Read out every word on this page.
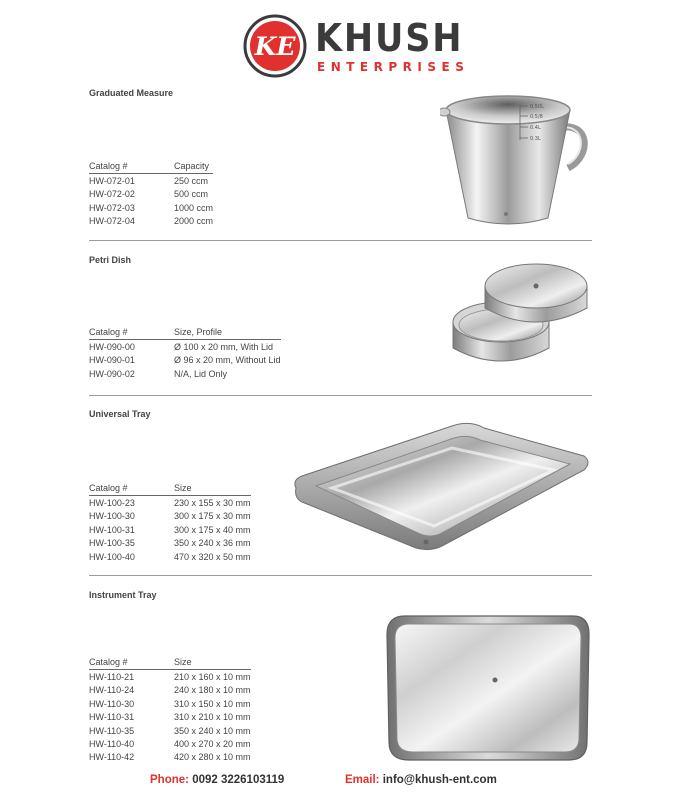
KE KHUSH
ENTERPRISES
Graduated Measure
Catalog #	Capacity
HW-072-01	250 ccm
HW-072-02	500 ccm
HW-072-03	1000 ccm
HW-072-04	2000 ccm
0.50L
0.5/8
0.4L
0.3L
Petri Dish
Catalog #	Size, Profile
HW-090-00	Ø 100 x 20 mm, With Lid
HW-090-01	Ø 96 x 20 mm, Without Lid
HW-090-02	N/A, Lid Only
Universal Tray
Catalog #	Size
HW-100-23	230 x 155 x 30 mm
HW-100-30	300 x 175 x 30 mm
HW-100-31	300 x 175 x 40 mm
HW-100-35	350 x 240 x 36 mm
HW-100-40	470 x 320 x 50 mm
Instrument Tray
Catalog #	Size
HW-110-21	210 x 160 x 10 mm
HW-110-24	240 x 180 x 10 mm
HW-110-30	310 x 150 x 10 mm
HW-110-31	310 x 210 x 10 mm
HW-110-35	350 x 240 x 10 mm
HW-110-40	400 x 270 x 20 mm
HW-110-42	420 x 280 x 10 mm
Phone: 0092 3226103119	Email: info@khush-ent.com
